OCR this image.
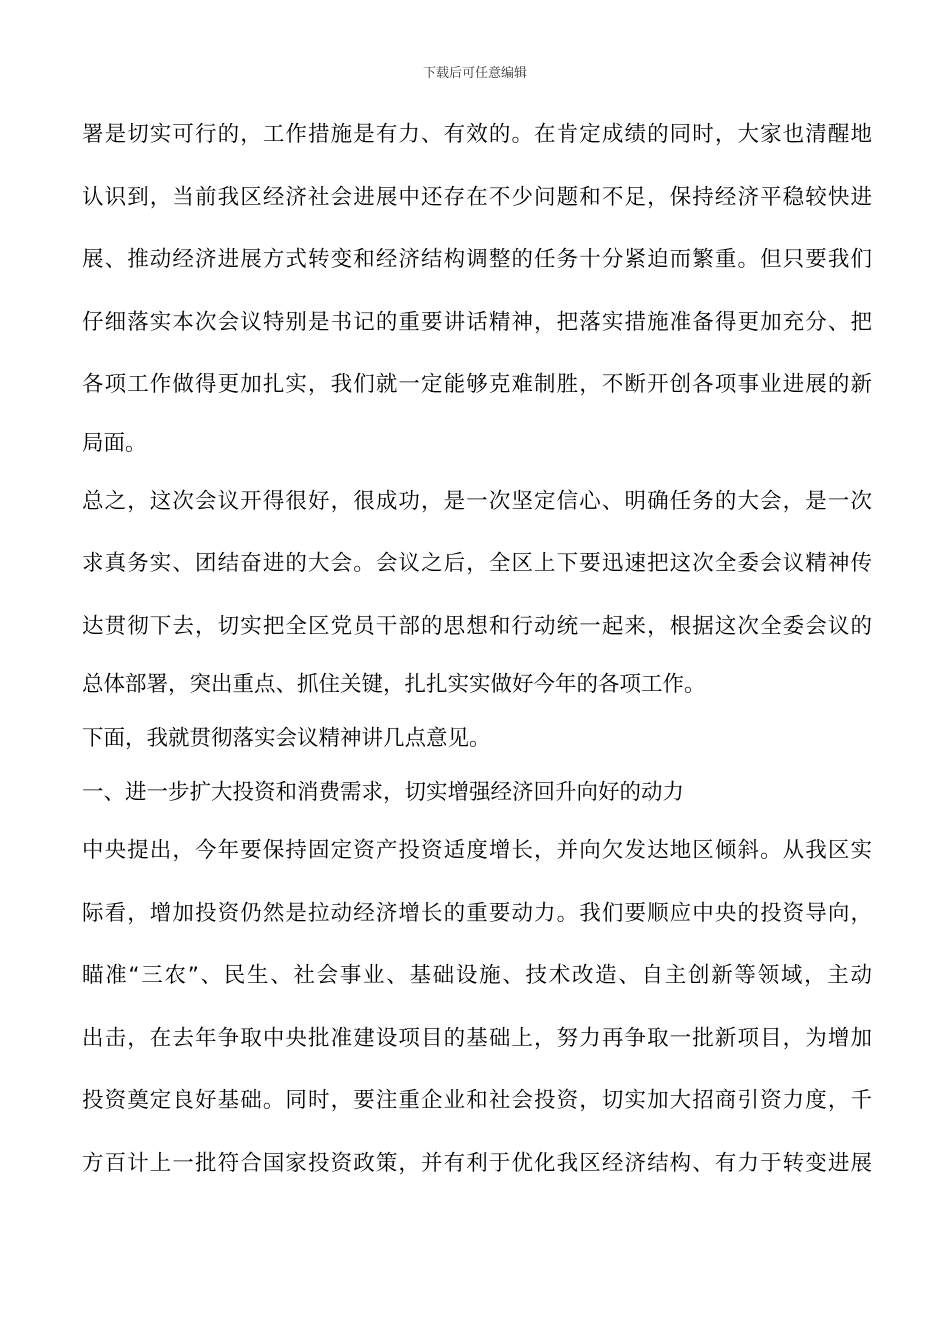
下载后可任意编辑
署是切实可行的，工作措施是有力、有效的。在肯定成绩的同时，大家也清醒地
认识到，当前我区经济社会进展中还存在不少问题和不足，保持经济平稳较快进
展、推动经济进展方式转变和经济结构调整的任务十分紧迫而繁重。但只要我们
仔细落实本次会议特别是书记的重要讲话精神，把落实措施准备得更加充分、把
各项工作做得更加扎实，我们就一定能够克难制胜，不断开创各项事业进展的新
局面。
总之，这次会议开得很好，很成功，是一次坚定信心、明确任务的大会，是一次
求真务实、团结奋进的大会。会议之后，全区上下要迅速把这次全委会议精神传
达贯彻下去，切实把全区党员干部的思想和行动统一起来，根据这次全委会议的
总体部署，突出重点、抓住关键，扎扎实实做好今年的各项工作。
下面，我就贯彻落实会议精神讲几点意见。
一、进一步扩大投资和消费需求，切实增强经济回升向好的动力
中央提出，今年要保持固定资产投资适度增长，并向欠发达地区倾斜。从我区实
际看，增加投资仍然是拉动经济增长的重要动力。我们要顺应中央的投资导向，
瞄准“三农”、民生、社会事业、基础设施、技术改造、自主创新等领域，主动
出击，在去年争取中央批准建设项目的基础上，努力再争取一批新项目，为增加
投资奠定良好基础。同时，要注重企业和社会投资，切实加大招商引资力度，千
方百计上一批符合国家投资政策，并有利于优化我区经济结构、有力于转变进展
